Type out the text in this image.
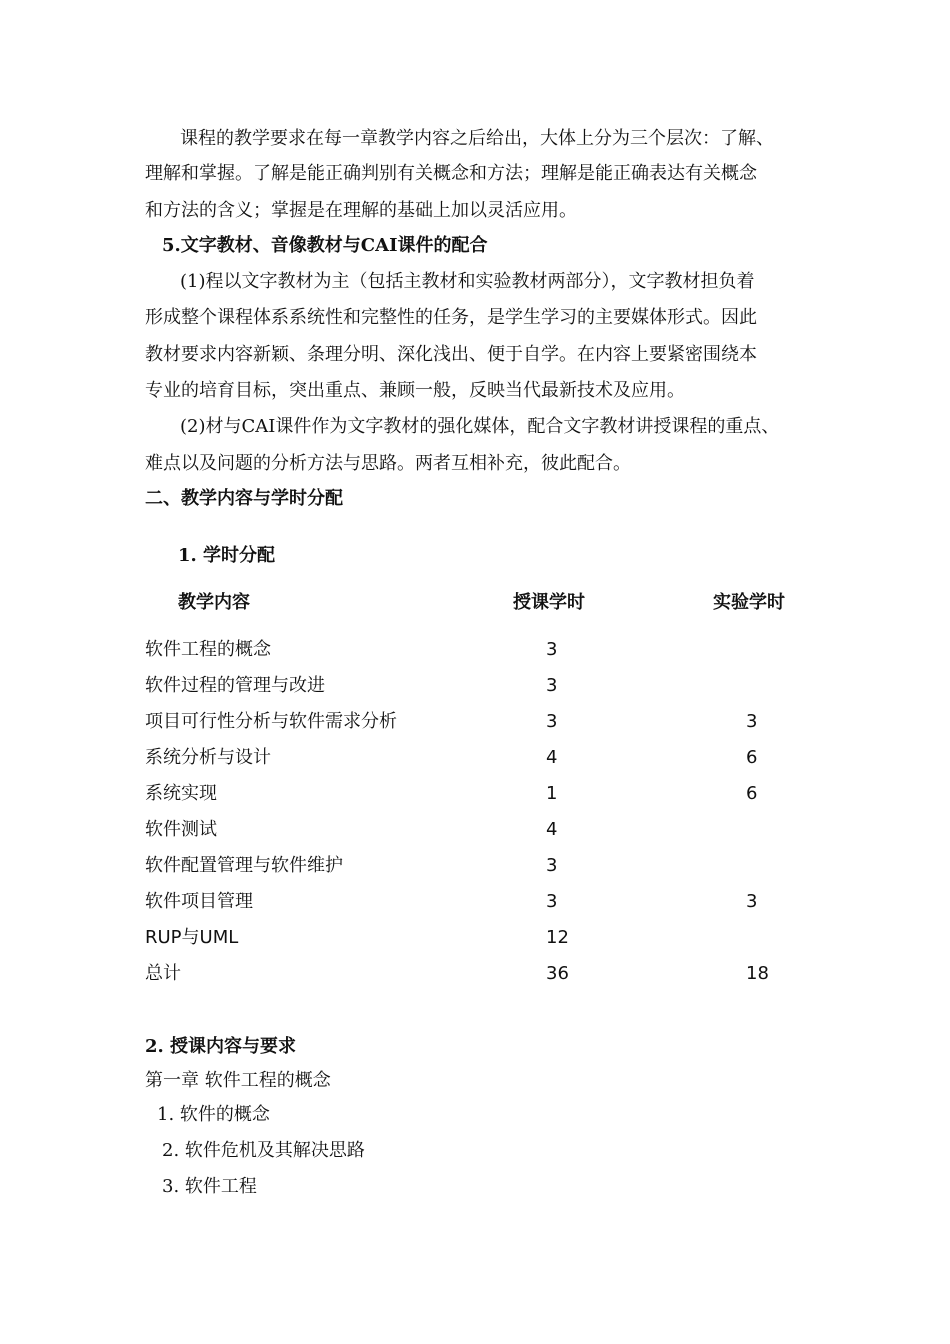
课程的教学要求在每一章教学内容之后给出，大体上分为三个层次：了解、
理解和掌握。了解是能正确判别有关概念和方法；理解是能正确表达有关概念
和方法的含义；掌握是在理解的基础上加以灵活应用。
5.文字教材、音像教材与CAI课件的配合
(1)程以文字教材为主（包括主教材和实验教材两部分），文字教材担负着
形成整个课程体系系统性和完整性的任务，是学生学习的主要媒体形式。因此
教材要求内容新颖、条理分明、深化浅出、便于自学。在内容上要紧密围绕本
专业的培育目标，突出重点、兼顾一般，反映当代最新技术及应用。
(2)材与CAI课件作为文字教材的强化媒体，配合文字教材讲授课程的重点、
难点以及问题的分析方法与思路。两者互相补充，彼此配合。
二、教学内容与学时分配
1. 学时分配
教学内容	授课学时	实验学时
软件工程的概念	3
软件过程的管理与改进	3
项目可行性分析与软件需求分析	3	3
系统分析与设计	4	6
系统实现	1	6
软件测试	4
软件配置管理与软件维护	3
软件项目管理	3	3
RUP与UML	12
总计	36	18
2. 授课内容与要求
第一章 软件工程的概念
1. 软件的概念
2. 软件危机及其解决思路
3. 软件工程
